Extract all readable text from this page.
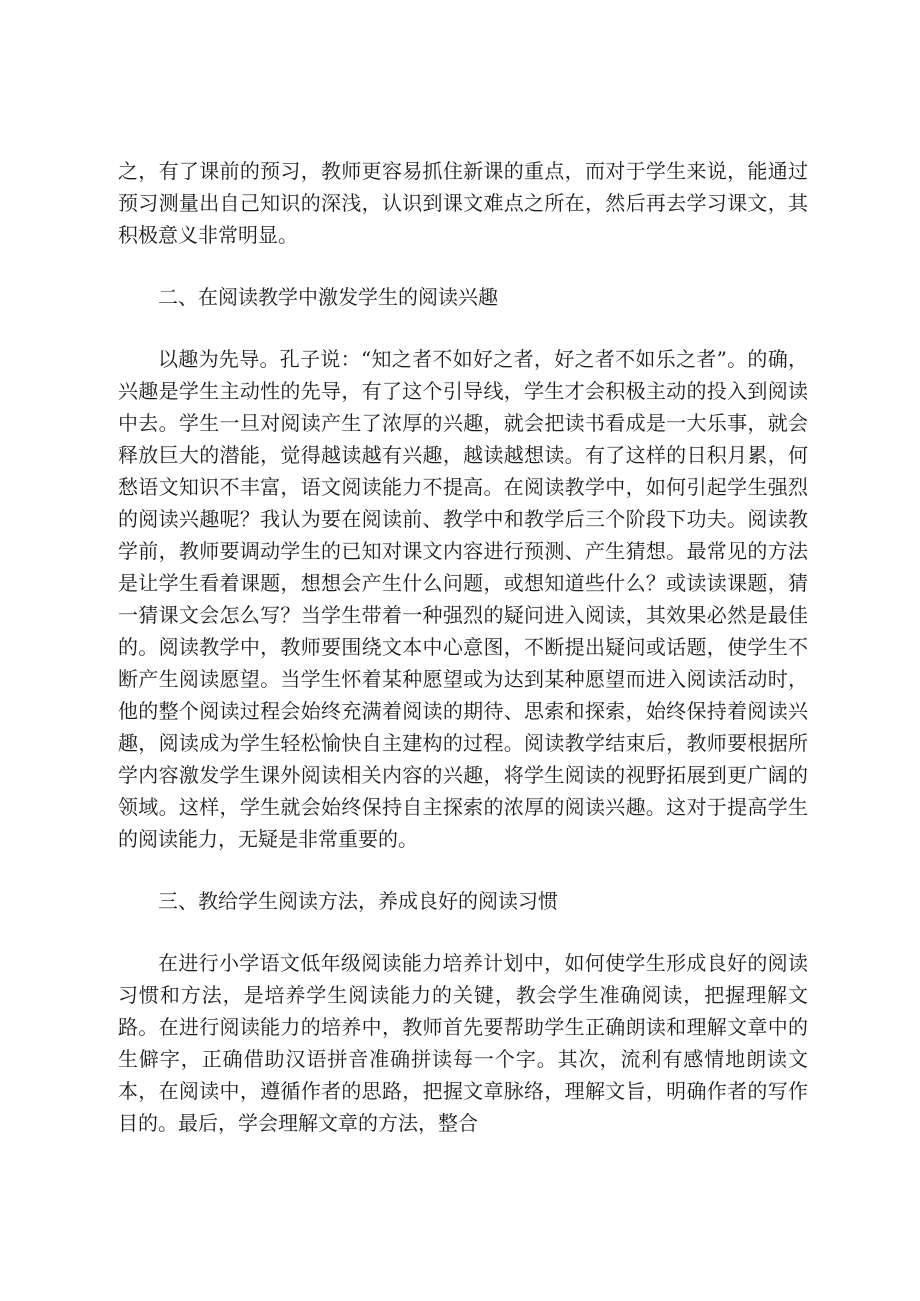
之，有了课前的预习，教师更容易抓住新课的重点，而对于学生来说，能通过预习测量出自己知识的深浅，认识到课文难点之所在，然后再去学习课文，其积极意义非常明显。

二、在阅读教学中激发学生的阅读兴趣

以趣为先导。孔子说：“知之者不如好之者，好之者不如乐之者”。的确，兴趣是学生主动性的先导，有了这个引导线，学生才会积极主动的投入到阅读中去。学生一旦对阅读产生了浓厚的兴趣，就会把读书看成是一大乐事，就会释放巨大的潜能，觉得越读越有兴趣，越读越想读。有了这样的日积月累，何愁语文知识不丰富，语文阅读能力不提高。在阅读教学中，如何引起学生强烈的阅读兴趣呢？我认为要在阅读前、教学中和教学后三个阶段下功夫。阅读教学前，教师要调动学生的已知对课文内容进行预测、产生猜想。最常见的方法是让学生看着课题，想想会产生什么问题，或想知道些什么？或读读课题，猜一猜课文会怎么写？当学生带着一种强烈的疑问进入阅读，其效果必然是最佳的。阅读教学中，教师要围绕文本中心意图，不断提出疑问或话题，使学生不断产生阅读愿望。当学生怀着某种愿望或为达到某种愿望而进入阅读活动时，他的整个阅读过程会始终充满着阅读的期待、思索和探索，始终保持着阅读兴趣，阅读成为学生轻松愉快自主建构的过程。阅读教学结束后，教师要根据所学内容激发学生课外阅读相关内容的兴趣，将学生阅读的视野拓展到更广阔的领域。这样，学生就会始终保持自主探索的浓厚的阅读兴趣。这对于提高学生的阅读能力，无疑是非常重要的。

三、教给学生阅读方法，养成良好的阅读习惯

在进行小学语文低年级阅读能力培养计划中，如何使学生形成良好的阅读习惯和方法，是培养学生阅读能力的关键，教会学生准确阅读，把握理解文路。在进行阅读能力的培养中，教师首先要帮助学生正确朗读和理解文章中的生僻字，正确借助汉语拼音准确拼读每一个字。其次，流利有感情地朗读文本，在阅读中，遵循作者的思路，把握文章脉络，理解文旨，明确作者的写作目的。最后，学会理解文章的方法，整合
